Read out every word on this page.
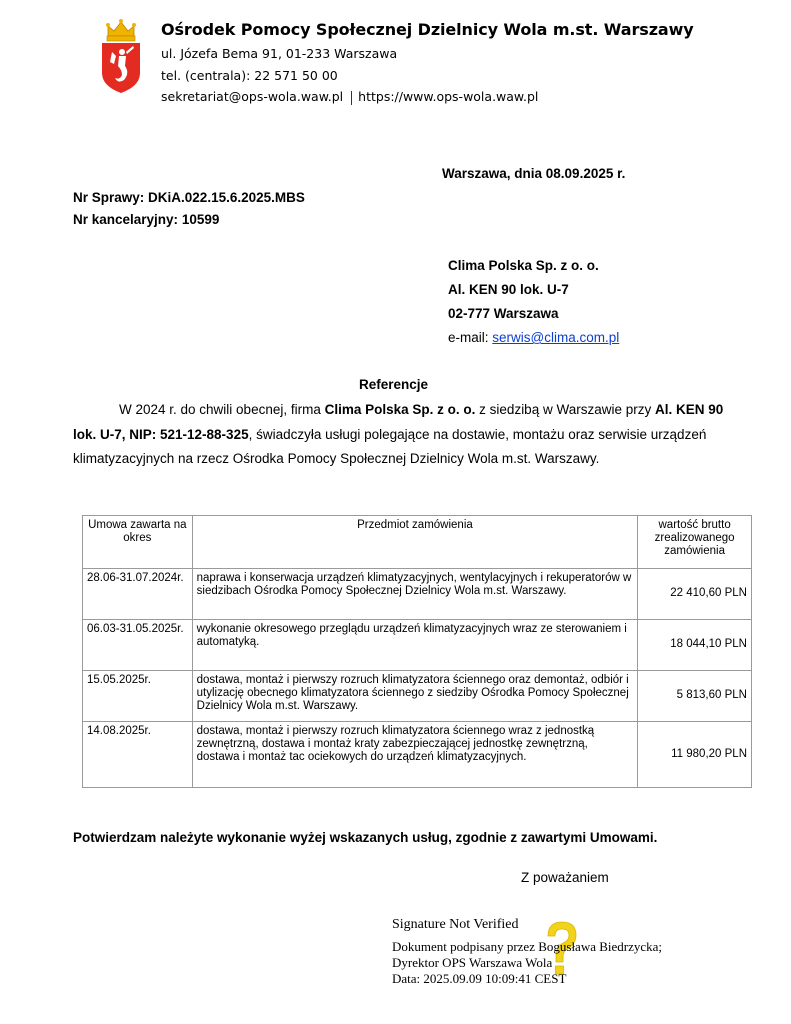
Ośrodek Pomocy Społecznej Dzielnicy Wola m.st. Warszawy
ul. Józefa Bema 91, 01-233 Warszawa
tel. (centrala): 22 571 50 00
sekretariat@ops-wola.waw.pl https://www.ops-wola.waw.pl
Warszawa, dnia 08.09.2025 r.
Nr Sprawy: DKiA.022.15.6.2025.MBS
Nr kancelaryjny: 10599
Clima Polska Sp. z o. o.
Al. KEN 90 lok. U-7
02-777 Warszawa
e-mail: serwis@clima.com.pl
Referencje

W 2024 r. do chwili obecnej, firma Clima Polska Sp. z o. o. z siedzibą w Warszawie przy Al. KEN 90 lok. U-7, NIP: 521-12-88-325, świadczyła usługi polegające na dostawie, montażu oraz serwisie urządzeń klimatyzacyjnych na rzecz Ośrodka Pomocy Społecznej Dzielnicy Wola m.st. Warszawy.

Umowa zawarta na okres	Przedmiot zamówienia	wartość brutto zrealizowanego zamówienia
28.06-31.07.2024r.	naprawa i konserwacja urządzeń klimatyzacyjnych, wentylacyjnych i rekuperatorów w siedzibach Ośrodka Pomocy Społecznej Dzielnicy Wola m.st. Warszawy.	22 410,60 PLN
06.03-31.05.2025r.	wykonanie okresowego przeglądu urządzeń klimatyzacyjnych wraz ze sterowaniem i automatyką.	18 044,10 PLN
15.05.2025r.	dostawa, montaż i pierwszy rozruch klimatyzatora ściennego oraz demontaż, odbiór i utylizację obecnego klimatyzatora ściennego z siedziby Ośrodka Pomocy Społecznej Dzielnicy Wola m.st. Warszawy.	5 813,60 PLN
14.08.2025r.	dostawa, montaż i pierwszy rozruch klimatyzatora ściennego wraz z jednostką zewnętrzną, dostawa i montaż kraty zabezpieczającej jednostkę zewnętrzną, dostawa i montaż tac ociekowych do urządzeń klimatyzacyjnych.	11 980,20 PLN
Potwierdzam należyte wykonanie wyżej wskazanych usług, zgodnie z zawartymi Umowami.
Z poważaniem
Signature Not Verified
Dokument podpisany przez Bogusława Biedrzycka;
Dyrektor OPS Warszawa Wola
Data: 2025.09.09 10:09:41 CEST
